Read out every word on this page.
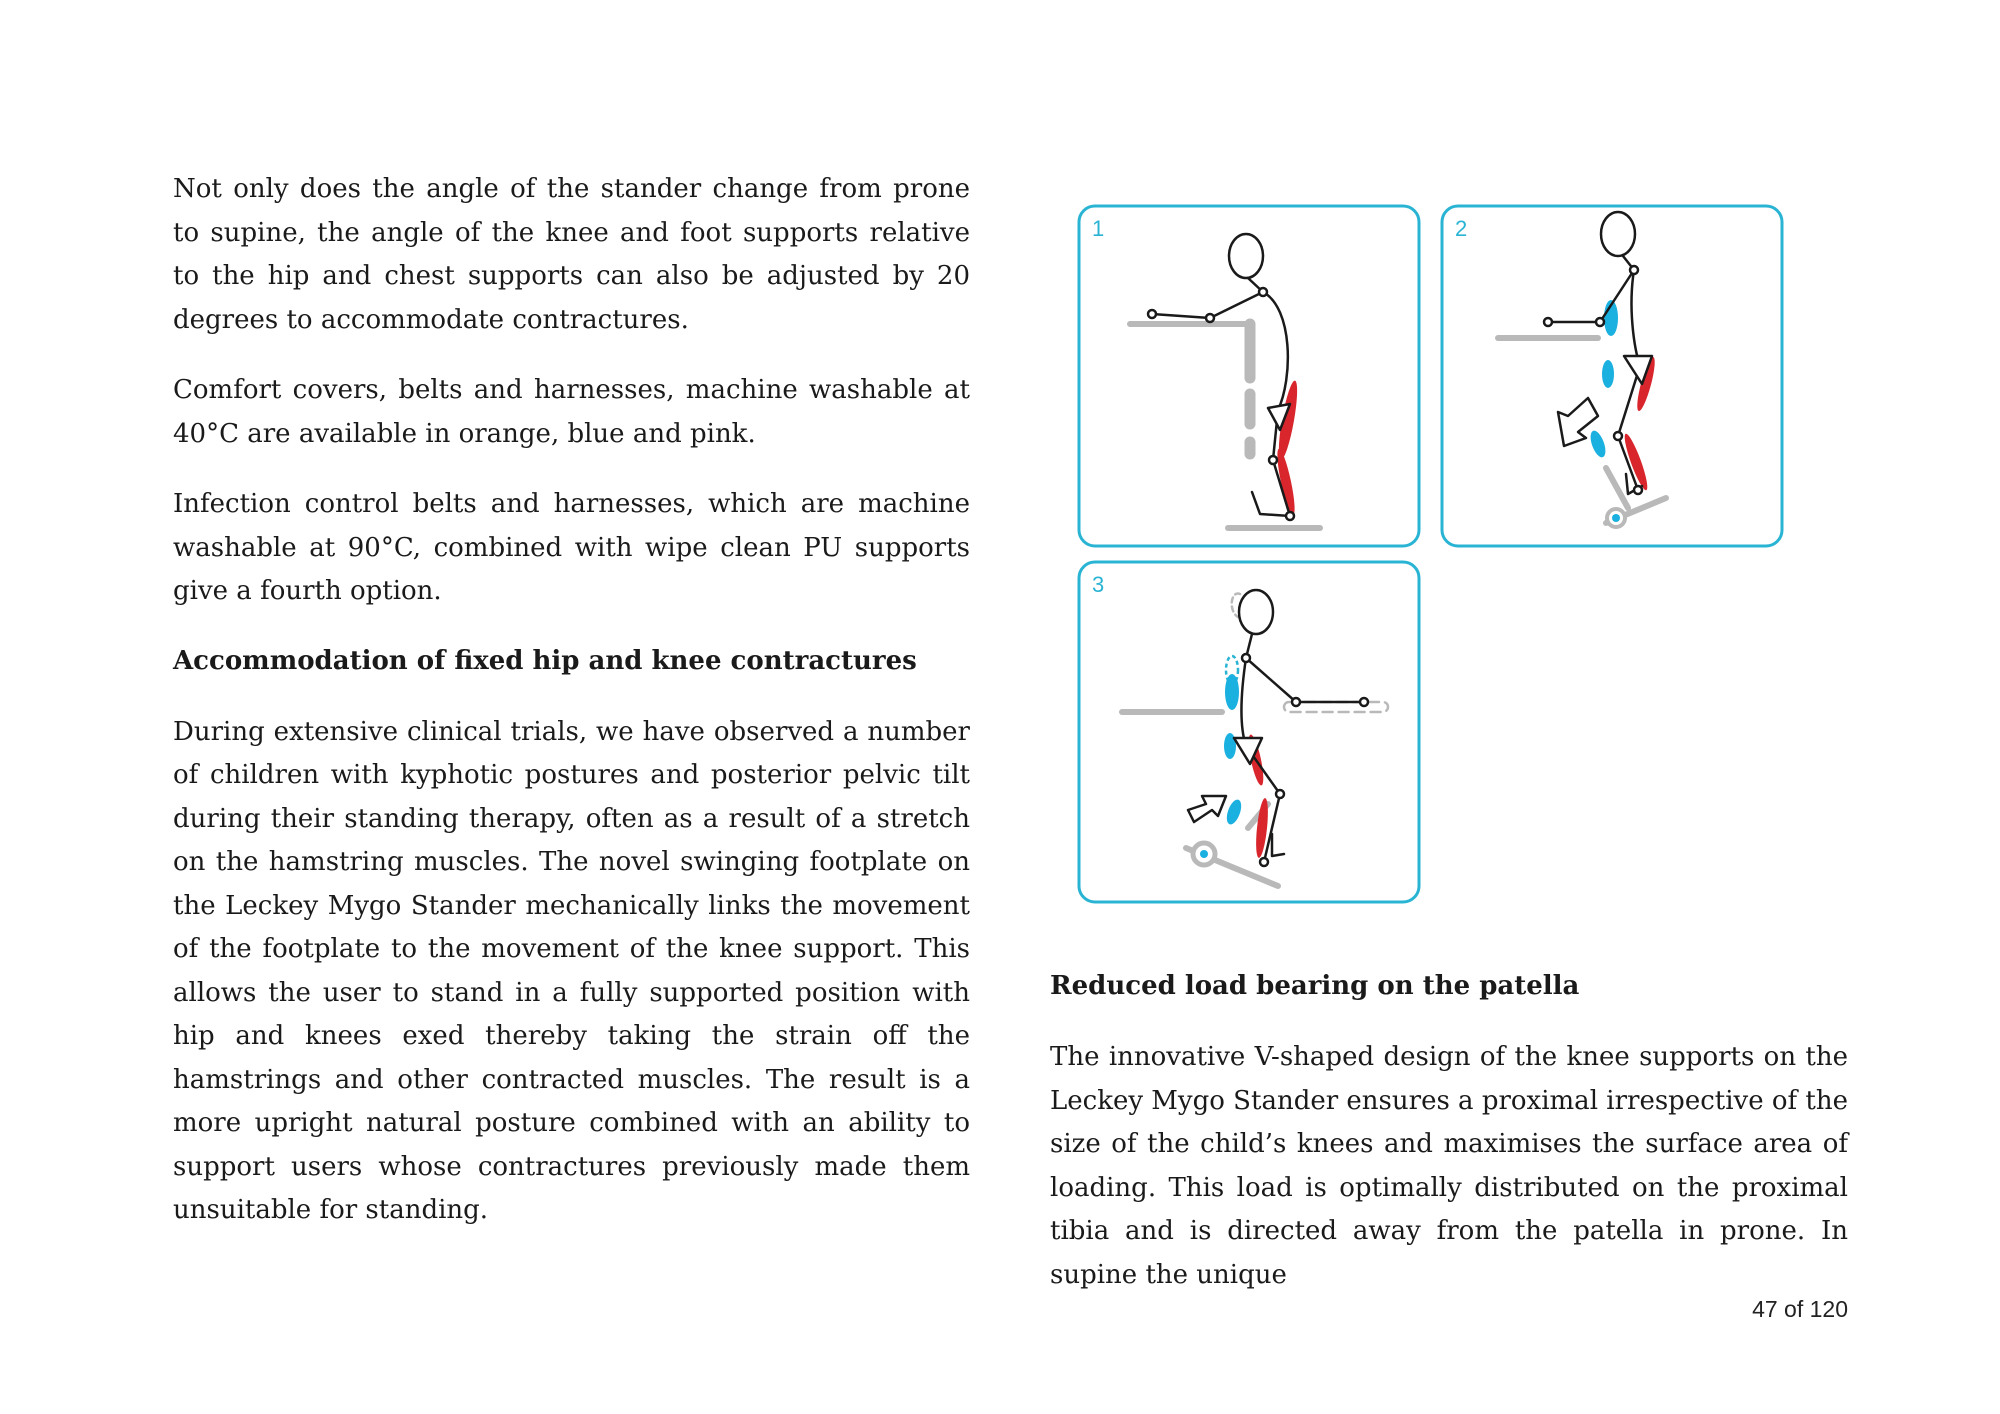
Not only does the angle of the stander change from prone to supine, the angle of the knee and foot supports relative to the hip and chest supports can also be adjusted by 20 degrees to accommodate contractures.

Comfort covers, belts and harnesses, machine washable at 40°C are available in orange, blue and pink.

Infection control belts and harnesses, which are machine washable at 90°C, combined with wipe clean PU supports give a fourth option.

Accommodation of fixed hip and knee contractures

During extensive clinical trials, we have observed a number of children with kyphotic postures and posterior pelvic tilt during their standing therapy, often as a result of a stretch on the hamstring muscles. The novel swinging footplate on the Leckey Mygo Stander mechanically links the movement of the footplate to the movement of the knee support. This allows the user to stand in a fully supported position with hip and knees exed thereby taking the strain off the hamstrings and other contracted muscles. The result is a more upright natural posture combined with an ability to support users whose contractures previously made them unsuitable for standing.

1	2
3
Reduced load bearing on the patella

The innovative V-shaped design of the knee supports on the Leckey Mygo Stander ensures a proximal irrespective of the size of the child’s knees and maximises the surface area of loading. This load is optimally distributed on the proximal tibia and is directed away from the patella in prone. In supine the unique

47 of 120
